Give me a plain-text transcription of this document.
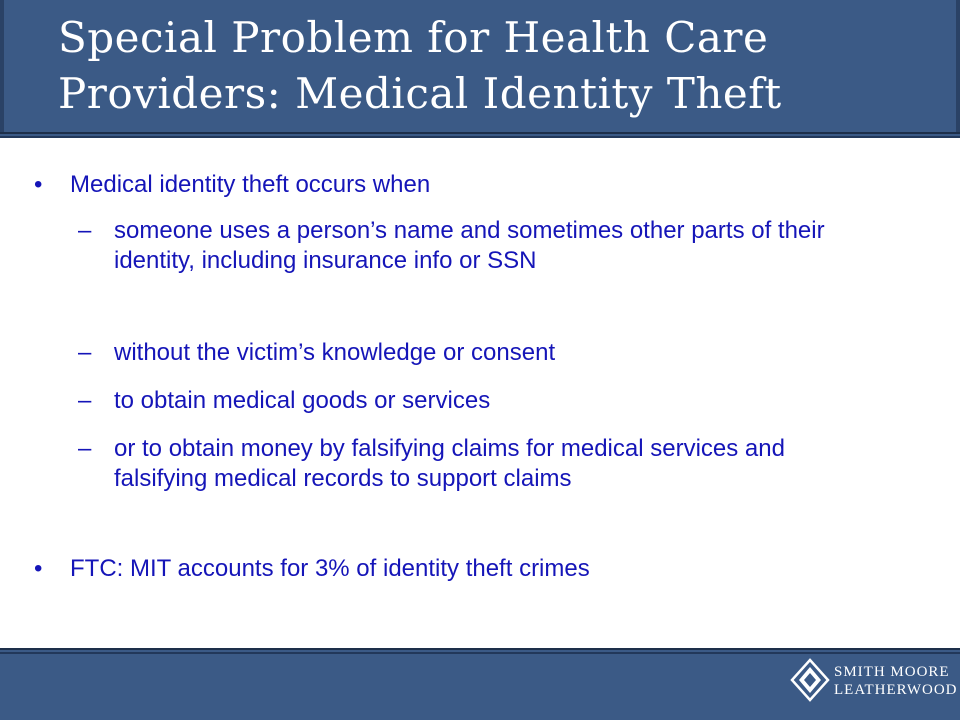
Special Problem for Health Care
Providers: Medical Identity Theft
• Medical identity theft occurs when
– someone uses a person’s name and sometimes other parts of their identity, including insurance info or SSN
– without the victim’s knowledge or consent
– to obtain medical goods or services
– or to obtain money by falsifying claims for medical services and falsifying medical records to support claims
• FTC: MIT accounts for 3% of identity theft crimes
SMITH MOORE
LEATHERWOOD
